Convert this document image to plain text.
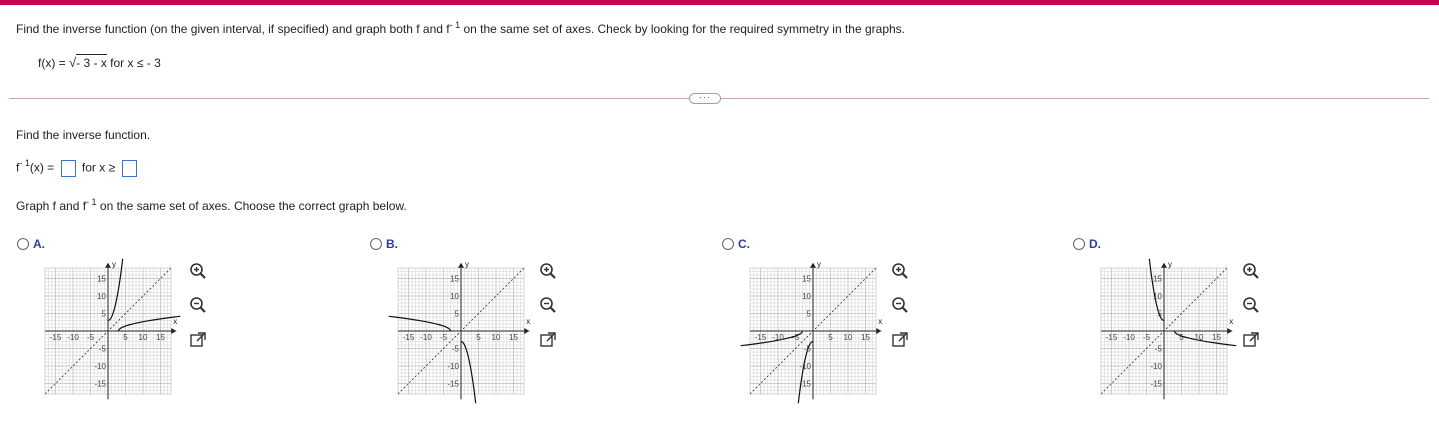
Find the inverse function (on the given interval, if specified) and graph both f and $f^{- 1}$ on the same set of axes. Check by looking for the required symmetry in the graphs.
f(x) = √- 3 - x for x ≤ - 3
···
Find the inverse function.
$f^{- 1}(x)$ = for x ≥
Graph f and $f^{- 1}$ on the same set of axes. Choose the correct graph below.
A.
x
y
-15 -10 -5	5 10 15
15
10
5
-5
-10
-15
B.
x
y
-15 -10 -5	5 10 15
15
10
5
-5
-10
-15
C.
x
y
-15 -10 -5	5 10 15
15
10
5
-5
-10
-15
D.
x
y
-15 -10 -5	5 10 15
15
10
5
-5
-10
-15
